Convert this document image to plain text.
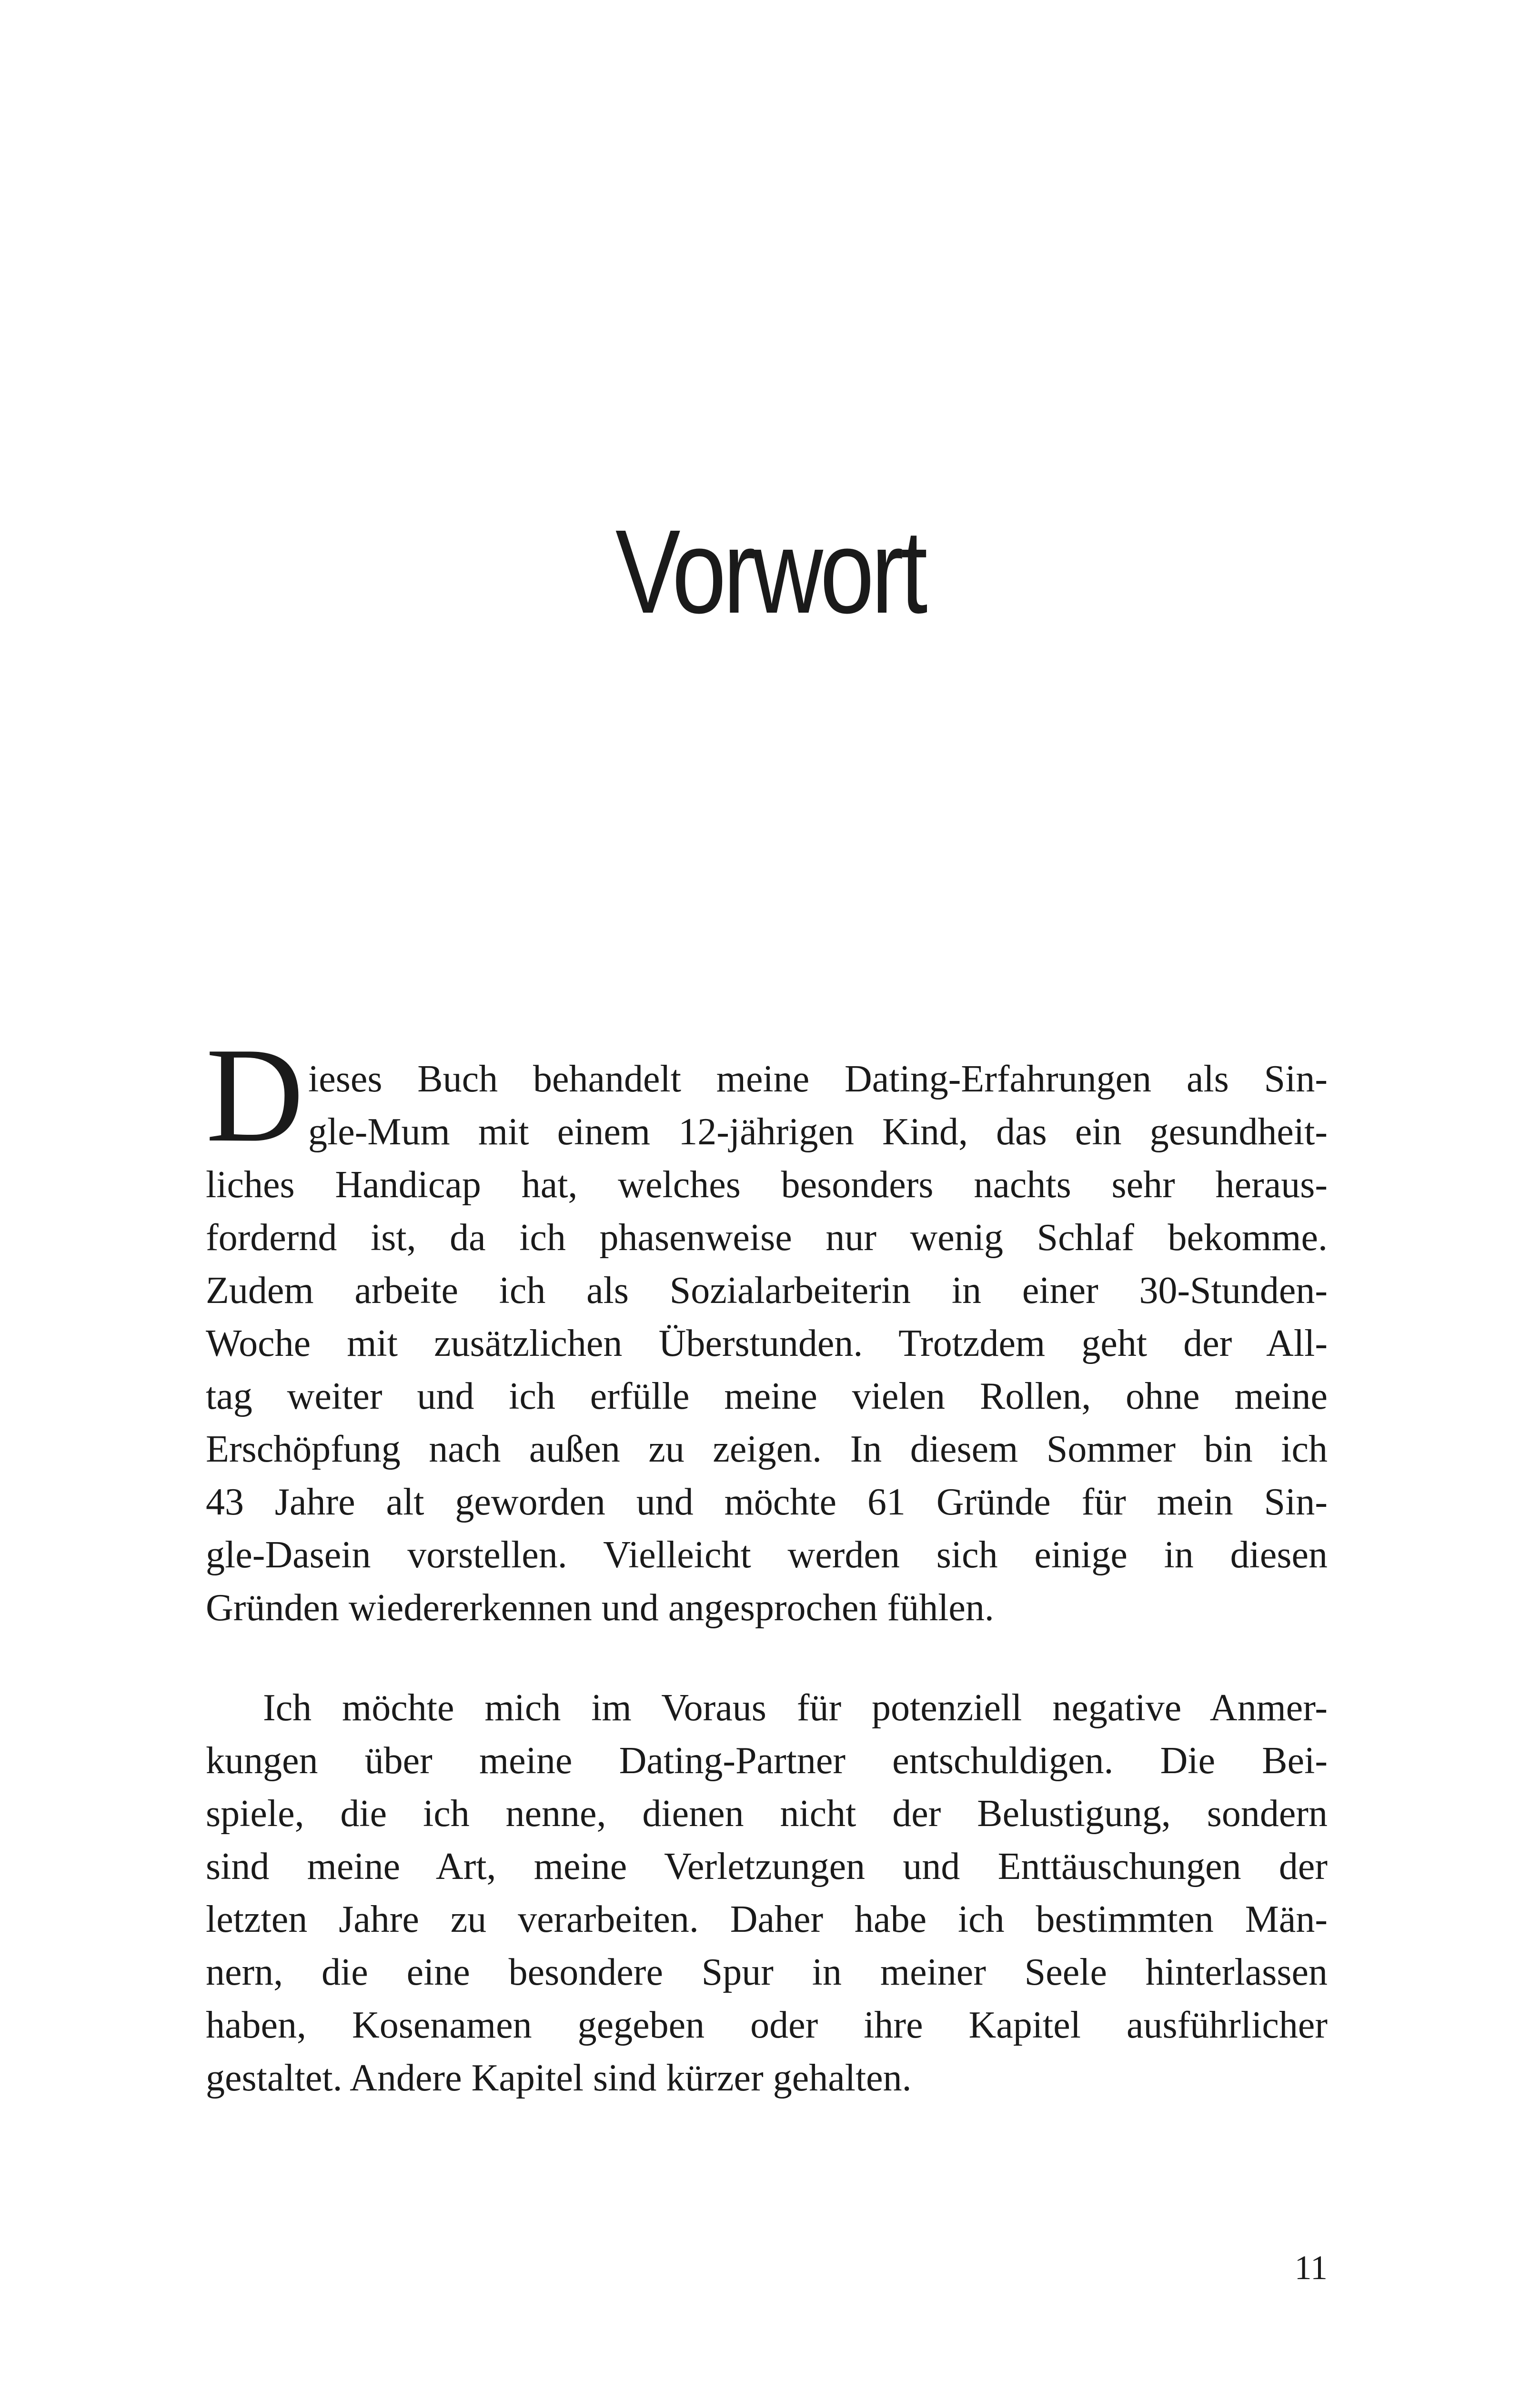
Vorwort
D ieses Buch behandelt meine Dating-Erfahrungen als Sin-
gle-Mum mit einem 12-jährigen Kind, das ein gesundheit-
liches Handicap hat, welches besonders nachts sehr heraus-
fordernd ist, da ich phasenweise nur wenig Schlaf bekomme.
Zudem arbeite ich als Sozialarbeiterin in einer 30-Stunden-
Woche mit zusätzlichen Überstunden. Trotzdem geht der All-
tag weiter und ich erfülle meine vielen Rollen, ohne meine
Erschöpfung nach außen zu zeigen. In diesem Sommer bin ich
43 Jahre alt geworden und möchte 61 Gründe für mein Sin-
gle-Dasein vorstellen. Vielleicht werden sich einige in diesen
Gründen wiedererkennen und angesprochen fühlen.
Ich möchte mich im Voraus für potenziell negative Anmer-
kungen über meine Dating-Partner entschuldigen. Die Bei-
spiele, die ich nenne, dienen nicht der Belustigung, sondern
sind meine Art, meine Verletzungen und Enttäuschungen der
letzten Jahre zu verarbeiten. Daher habe ich bestimmten Män-
nern, die eine besondere Spur in meiner Seele hinterlassen
haben, Kosenamen gegeben oder ihre Kapitel ausführlicher
gestaltet. Andere Kapitel sind kürzer gehalten.
11
